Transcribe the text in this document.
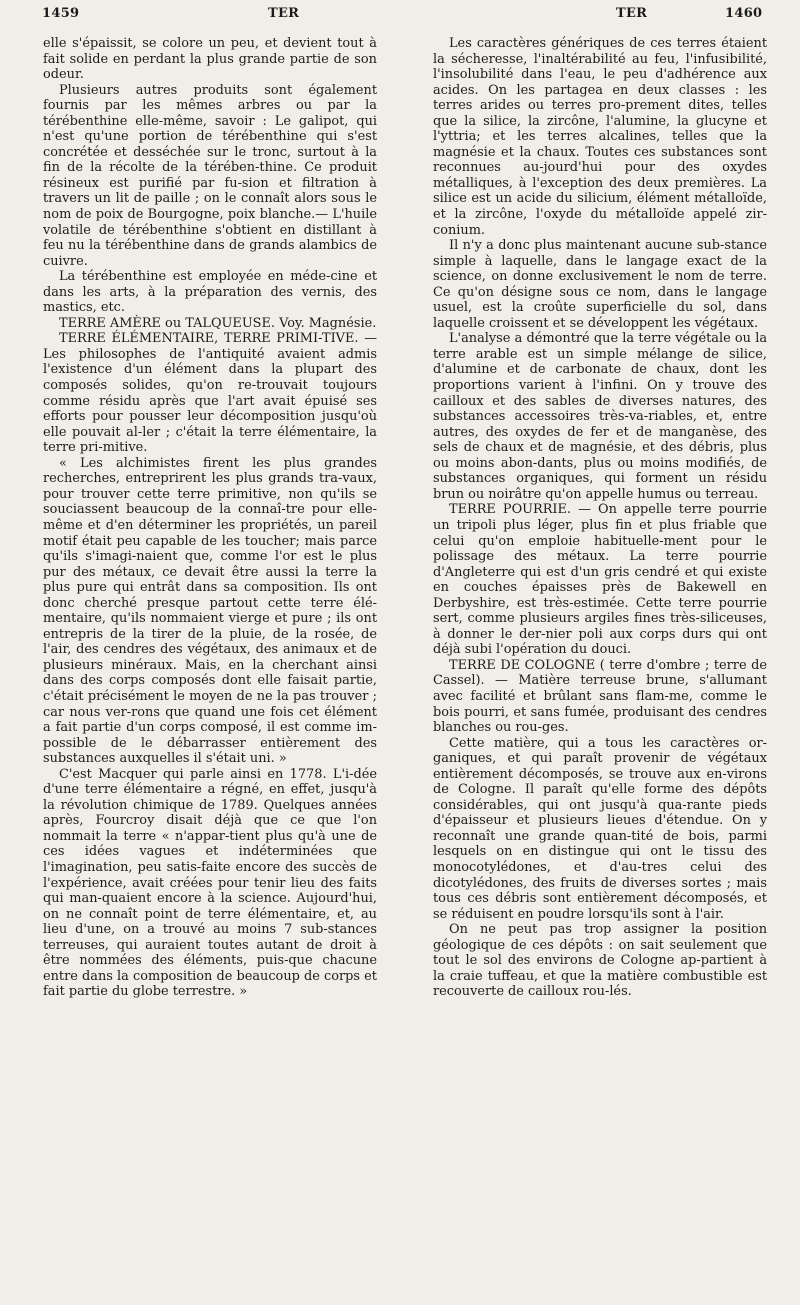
1459	TER	TER	1460

elle s'épaissit, se colore un peu, et devient tout à fait solide en perdant la plus grande partie de son odeur.

Plusieurs autres produits sont également fournis par les mêmes arbres ou par la térébenthine elle-même, savoir : Le galipot, qui n'est qu'une portion de térébenthine qui s'est concrétée et desséchée sur le tronc, surtout à la fin de la récolte de la térében-thine. Ce produit résineux est purifié par fu-sion et filtration à travers un lit de paille ; on le connaît alors sous le nom de poix de Bourgogne, poix blanche.— L'huile volatile de térébenthine s'obtient en distillant à feu nu la térébenthine dans de grands alambics de cuivre.

La térébenthine est employée en méde-cine et dans les arts, à la préparation des vernis, des mastics, etc.

TERRE AMÈRE ou TALQUEUSE. Voy. Magnésie.

TERRE ÉLÉMENTAIRE, TERRE PRIMI-TIVE. — Les philosophes de l'antiquité avaient admis l'existence d'un élément dans la plupart des composés solides, qu'on re-trouvait toujours comme résidu après que l'art avait épuisé ses efforts pour pousser leur décomposition jusqu'où elle pouvait al-ler ; c'était la terre élémentaire, la terre pri-mitive.

« Les alchimistes firent les plus grandes recherches, entreprirent les plus grands tra-vaux, pour trouver cette terre primitive, non qu'ils se souciassent beaucoup de la connaî-tre pour elle-même et d'en déterminer les propriétés, un pareil motif était peu capable de les toucher; mais parce qu'ils s'imagi-naient que, comme l'or est le plus pur des métaux, ce devait être aussi la terre la plus pure qui entrât dans sa composition. Ils ont donc cherché presque partout cette terre élé-mentaire, qu'ils nommaient vierge et pure ; ils ont entrepris de la tirer de la pluie, de la rosée, de l'air, des cendres des végétaux, des animaux et de plusieurs minéraux. Mais, en la cherchant ainsi dans des corps composés dont elle faisait partie, c'était précisément le moyen de ne la pas trouver ; car nous ver-rons que quand une fois cet élément a fait partie d'un corps composé, il est comme im-possible de le débarrasser entièrement des substances auxquelles il s'était uni. »

C'est Macquer qui parle ainsi en 1778. L'i-dée d'une terre élémentaire a régné, en effet, jusqu'à la révolution chimique de 1789. Quelques années après, Fourcroy disait déjà que ce que l'on nommait la terre « n'appar-tient plus qu'à une de ces idées vagues et indéterminées que l'imagination, peu satis-faite encore des succès de l'expérience, avait créées pour tenir lieu des faits qui man-quaient encore à la science. Aujourd'hui, on ne connaît point de terre élémentaire, et, au lieu d'une, on a trouvé au moins 7 sub-stances terreuses, qui auraient toutes autant de droit à être nommées des éléments, puis-que chacune entre dans la composition de beaucoup de corps et fait partie du globe terrestre. »

Les caractères génériques de ces terres étaient la sécheresse, l'inaltérabilité au feu, l'infusibilité, l'insolubilité dans l'eau, le peu d'adhérence aux acides. On les partagea en deux classes : les terres arides ou terres pro-prement dites, telles que la silice, la zircône, l'alumine, la glucyne et l'yttria; et les terres alcalines, telles que la magnésie et la chaux. Toutes ces substances sont reconnues au-jourd'hui pour des oxydes métalliques, à l'exception des deux premières. La silice est un acide du silicium, élément métalloïde, et la zircône, l'oxyde du métalloïde appelé zir-conium.

Il n'y a donc plus maintenant aucune sub-stance simple à laquelle, dans le langage exact de la science, on donne exclusivement le nom de terre. Ce qu'on désigne sous ce nom, dans le langage usuel, est la croûte superficielle du sol, dans laquelle croissent et se développent les végétaux.

L'analyse a démontré que la terre végétale ou la terre arable est un simple mélange de silice, d'alumine et de carbonate de chaux, dont les proportions varient à l'infini. On y trouve des cailloux et des sables de diverses natures, des substances accessoires très-va-riables, et, entre autres, des oxydes de fer et de manganèse, des sels de chaux et de magnésie, et des débris, plus ou moins abon-dants, plus ou moins modifiés, de substances organiques, qui forment un résidu brun ou noirâtre qu'on appelle humus ou terreau.

TERRE POURRIE. — On appelle terre pourrie un tripoli plus léger, plus fin et plus friable que celui qu'on emploie habituelle-ment pour le polissage des métaux. La terre pourrie d'Angleterre qui est d'un gris cendré et qui existe en couches épaisses près de Bakewell en Derbyshire, est très-estimée. Cette terre pourrie sert, comme plusieurs argiles fines très-siliceuses, à donner le der-nier poli aux corps durs qui ont déjà subi l'opération du douci.

TERRE DE COLOGNE ( terre d'ombre ; terre de Cassel). — Matière terreuse brune, s'allumant avec facilité et brûlant sans flam-me, comme le bois pourri, et sans fumée, produisant des cendres blanches ou rou-ges.

Cette matière, qui a tous les caractères or-ganiques, et qui paraît provenir de végétaux entièrement décomposés, se trouve aux en-virons de Cologne. Il paraît qu'elle forme des dépôts considérables, qui ont jusqu'à qua-rante pieds d'épaisseur et plusieurs lieues d'étendue. On y reconnaît une grande quan-tité de bois, parmi lesquels on en distingue qui ont le tissu des monocotylédones, et d'au-tres celui des dicotylédones, des fruits de diverses sortes ; mais tous ces débris sont entièrement décomposés, et se réduisent en poudre lorsqu'ils sont à l'air.

On ne peut pas trop assigner la position géologique de ces dépôts : on sait seulement que tout le sol des environs de Cologne ap-partient à la craie tuffeau, et que la matière combustible est recouverte de cailloux rou-lés.
